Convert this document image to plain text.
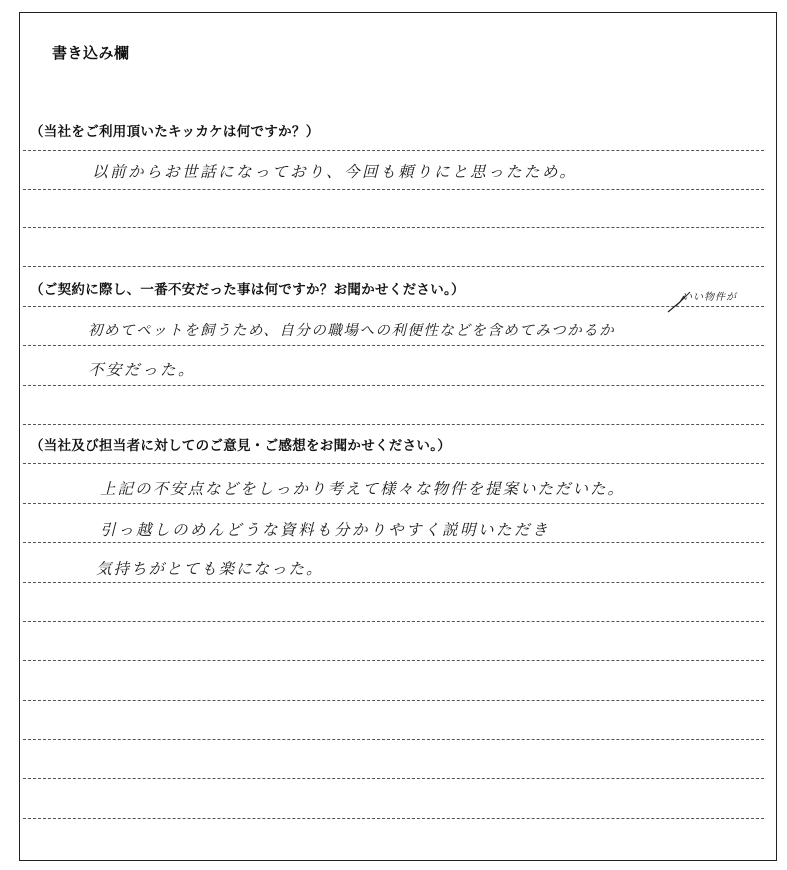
書き込み欄
（当社をご利用頂いたキッカケは何ですか？）
以前からお世話になっており、今回も頼りにと思ったため。
（ご契約に際し、一番不安だった事は何ですか？お聞かせください。）	いい物件が
初めてペットを飼うため、自分の職場への利便性などを含めてみつかるか
不安だった。
（当社及び担当者に対してのご意見・ご感想をお聞かせください。）
上記の不安点などをしっかり考えて様々な物件を提案いただいた。
引っ越しのめんどうな資料も分かりやすく説明いただき
気持ちがとても楽になった。
